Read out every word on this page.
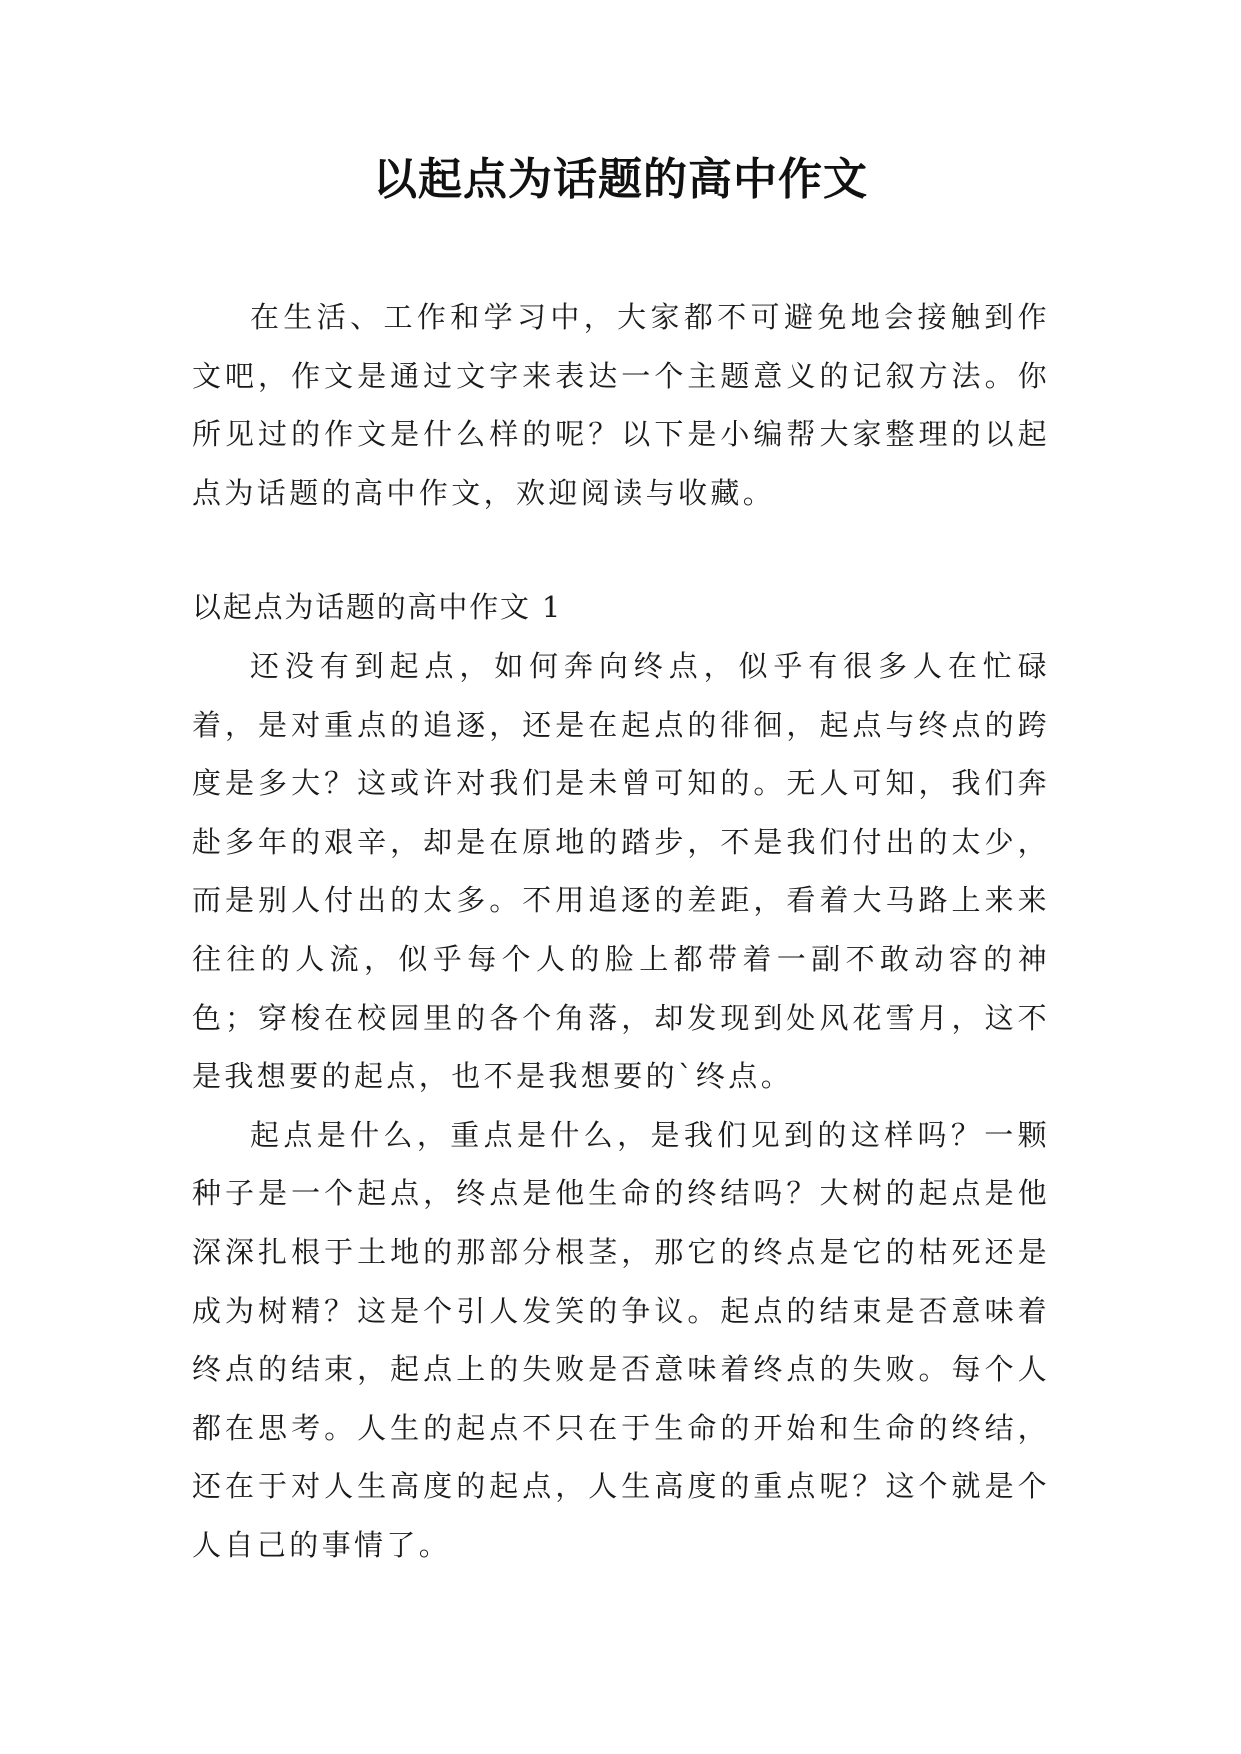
以起点为话题的高中作文

在生活、工作和学习中，大家都不可避免地会接触到作文吧，作文是通过文字来表达一个主题意义的记叙方法。你所见过的作文是什么样的呢？以下是小编帮大家整理的以起点为话题的高中作文，欢迎阅读与收藏。

以起点为话题的高中作文 1

还没有到起点，如何奔向终点，似乎有很多人在忙碌着，是对重点的追逐，还是在起点的徘徊，起点与终点的跨度是多大？这或许对我们是未曾可知的。无人可知，我们奔赴多年的艰辛，却是在原地的踏步，不是我们付出的太少，而是别人付出的太多。不用追逐的差距，看着大马路上来来往往的人流，似乎每个人的脸上都带着一副不敢动容的神色；穿梭在校园里的各个角落，却发现到处风花雪月，这不是我想要的起点，也不是我想要的`终点。

起点是什么，重点是什么，是我们见到的这样吗？一颗种子是一个起点，终点是他生命的终结吗？大树的起点是他深深扎根于土地的那部分根茎，那它的终点是它的枯死还是成为树精？这是个引人发笑的争议。起点的结束是否意味着终点的结束，起点上的失败是否意味着终点的失败。每个人都在思考。人生的起点不只在于生命的开始和生命的终结，还在于对人生高度的起点，人生高度的重点呢？这个就是个人自己的事情了。
